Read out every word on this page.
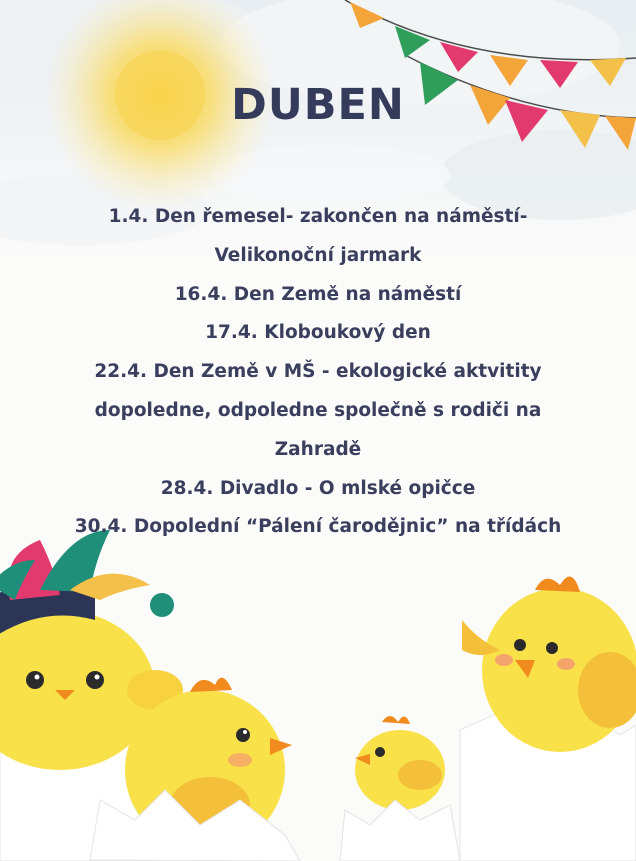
DUBEN
1.4. Den řemesel- zakončen na náměstí-
Velikonoční jarmark
16.4. Den Země na náměstí
17.4. Kloboukový den
22.4. Den Země v MŠ - ekologické aktvitity
dopoledne, odpoledne společně s rodiči na
Zahradě
28.4. Divadlo - O mlské opičce
30.4. Dopolední “Pálení čarodějnic” na třídách
